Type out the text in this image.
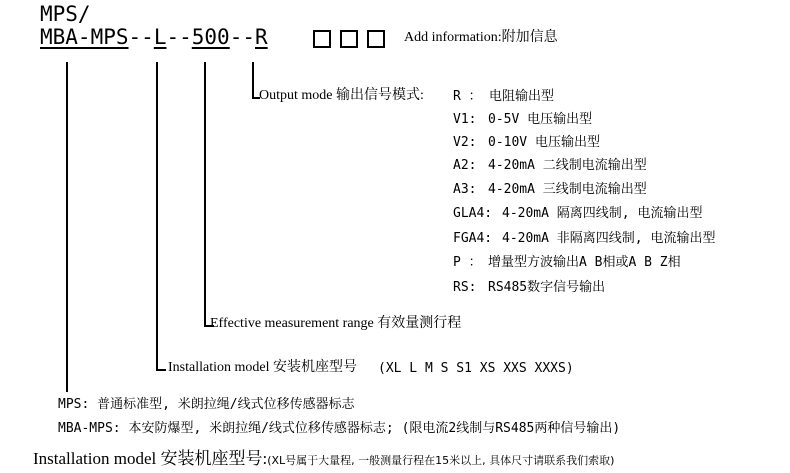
MPS/
MBA-MPS--L--500--R	Add information:附加信息
Output mode 输出信号模式: R ： 电阻输出型
V1: 0-5V 电压输出型
V2: 0-10V 电压输出型
A2: 4-20mA 二线制电流输出型
A3: 4-20mA 三线制电流输出型
GLA4: 4-20mA 隔离四线制, 电流输出型
FGA4: 4-20mA 非隔离四线制, 电流输出型
P ： 增量型方波输出A B相或A B Z相
RS: RS485数字信号输出
Effective measurement range 有效量测行程
Installation model 安装机座型号 (XL L M S S1 XS XXS XXXS)
MPS: 普通标准型, 米朗拉绳/线式位移传感器标志
MBA-MPS: 本安防爆型, 米朗拉绳/线式位移传感器标志; (限电流2线制与RS485两种信号输出)
Installation model 安装机座型号:(XL号属于大量程, 一般测量行程在15米以上, 具体尺寸请联系我们索取)
